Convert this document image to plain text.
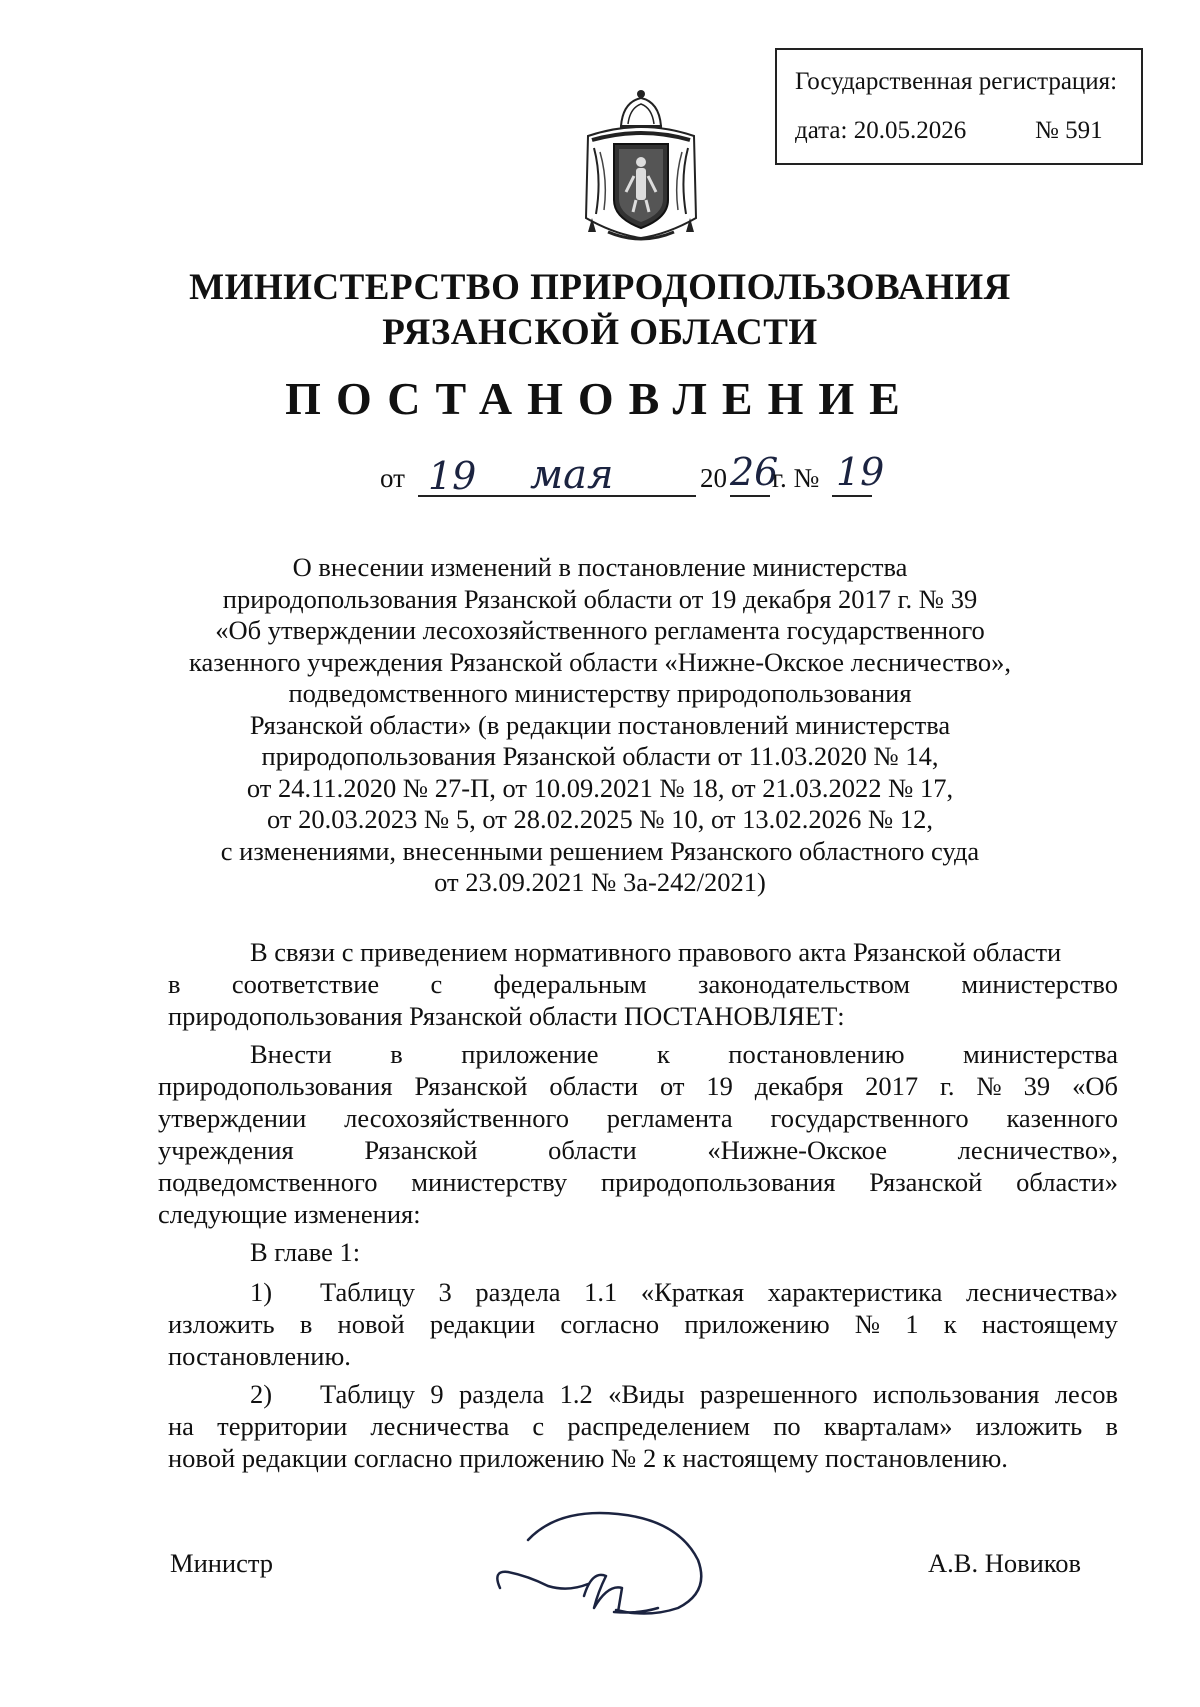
Государственная регистрация:
дата: 20.05.2026	№ 591
МИНИСТЕРСТВО ПРИРОДОПОЛЬЗОВАНИЯ
РЯЗАНСКОЙ ОБЛАСТИ
ПОСТАНОВЛЕНИЕ
от 19 мая	20 26
г. № 19
О внесении изменений в постановление министерства
природопользования Рязанской области от 19 декабря 2017 г. № 39
«Об утверждении лесохозяйственного регламента государственного
казенного учреждения Рязанской области «Нижне-Окское лесничество»,
подведомственного министерству природопользования
Рязанской области» (в редакции постановлений министерства
природопользования Рязанской области от 11.03.2020 № 14,
от 24.11.2020 № 27-П, от 10.09.2021 № 18, от 21.03.2022 № 17,
от 20.03.2023 № 5, от 28.02.2025 № 10, от 13.02.2026 № 12,
с изменениями, внесенными решением Рязанского областного суда
от 23.09.2021 № 3а-242/2021)
В связи с приведением нормативного правового акта Рязанской области
в соответствие с федеральным законодательством министерство
природопользования Рязанской области ПОСТАНОВЛЯЕТ:
Внести в приложение к постановлению министерства
природопользования Рязанской области от 19 декабря 2017 г. № 39 «Об
утверждении лесохозяйственного регламента государственного казенного
учреждения	Рязанской	области	«Нижне-Окское	лесничество»,
подведомственного министерству природопользования Рязанской области»
следующие изменения:
В главе 1:
1)	Таблицу 3 раздела 1.1 «Краткая характеристика лесничества»
изложить в новой редакции согласно приложению № 1 к настоящему
постановлению.
2)	Таблицу 9 раздела 1.2 «Виды разрешенного использования лесов
на территории лесничества с распределением по кварталам» изложить в
новой редакции согласно приложению № 2 к настоящему постановлению.
Министр	А.В. Новиков
